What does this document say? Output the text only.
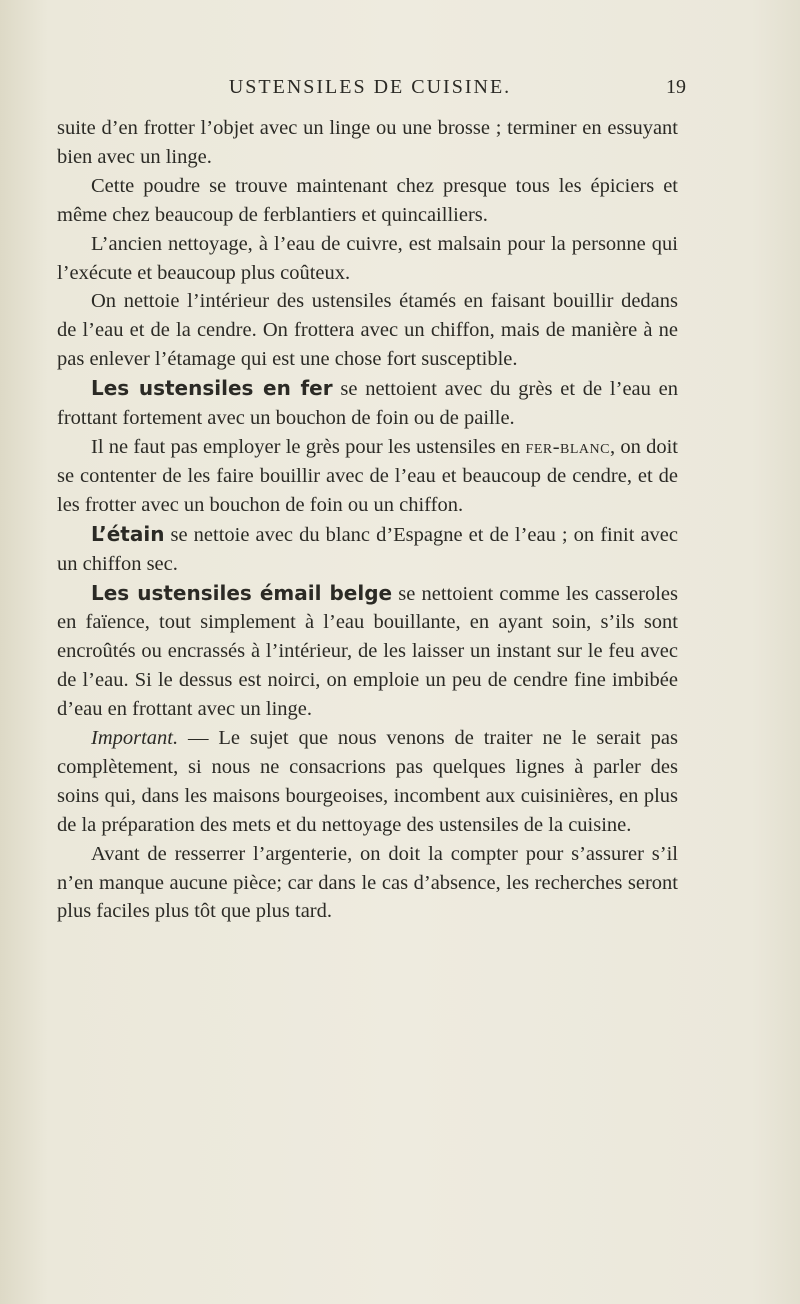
USTENSILES DE CUISINE.	19

suite d’en frotter l’objet avec un linge ou une brosse ; terminer en essuyant bien avec un linge.

Cette poudre se trouve maintenant chez presque tous les épiciers et même chez beaucoup de ferblantiers et quincailliers.

L’ancien nettoyage, à l’eau de cuivre, est malsain pour la personne qui l’exécute et beaucoup plus coûteux.

On nettoie l’intérieur des ustensiles étamés en faisant bouillir dedans de l’eau et de la cendre. On frottera avec un chiffon, mais de manière à ne pas enlever l’étamage qui est une chose fort susceptible.

Les ustensiles en fer se nettoient avec du grès et de l’eau en frottant fortement avec un bouchon de foin ou de paille.

Il ne faut pas employer le grès pour les ustensiles en fer-blanc, on doit se contenter de les faire bouillir avec de l’eau et beaucoup de cendre, et de les frotter avec un bouchon de foin ou un chiffon.

L’étain se nettoie avec du blanc d’Espagne et de l’eau ; on finit avec un chiffon sec.

Les ustensiles émail belge se nettoient comme les casseroles en faïence, tout simplement à l’eau bouillante, en ayant soin, s’ils sont encroûtés ou encrassés à l’intérieur, de les laisser un instant sur le feu avec de l’eau. Si le dessus est noirci, on emploie un peu de cendre fine imbibée d’eau en frottant avec un linge.

Important. — Le sujet que nous venons de traiter ne le serait pas complètement, si nous ne consacrions pas quelques lignes à parler des soins qui, dans les maisons bourgeoises, incombent aux cuisinières, en plus de la préparation des mets et du nettoyage des ustensiles de la cuisine.

Avant de resserrer l’argenterie, on doit la compter pour s’assurer s’il n’en manque aucune pièce; car dans le cas d’absence, les recherches seront plus faciles plus tôt que plus tard.
